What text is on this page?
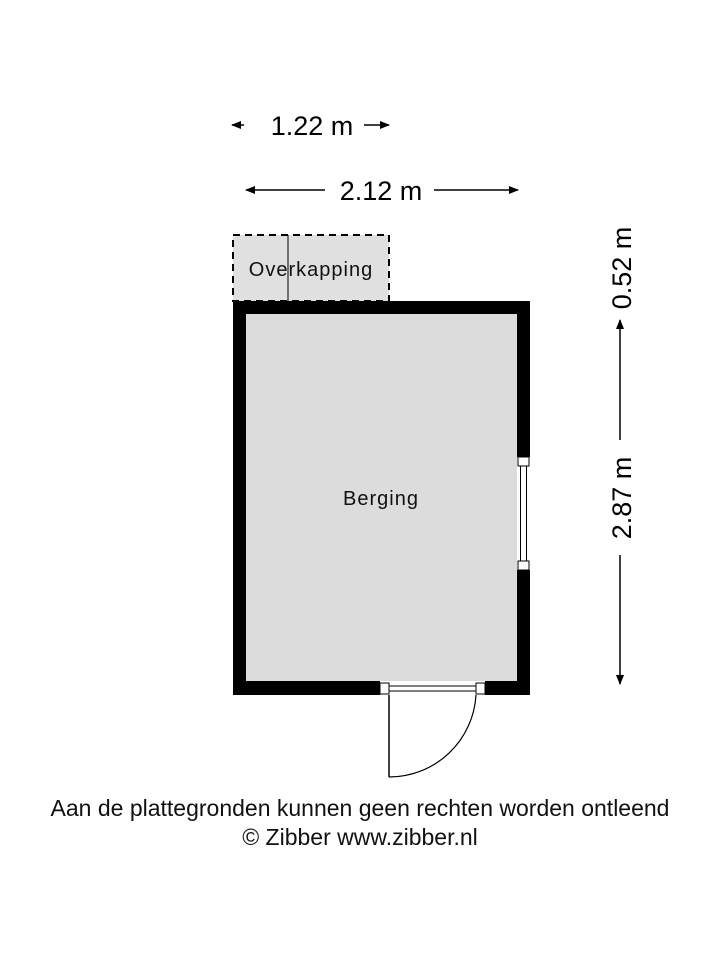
1.22 m
2.12 m
0.52 m
2.87 m
Overkapping
Berging
Aan de plattegronden kunnen geen rechten worden ontleend
© Zibber www.zibber.nl
